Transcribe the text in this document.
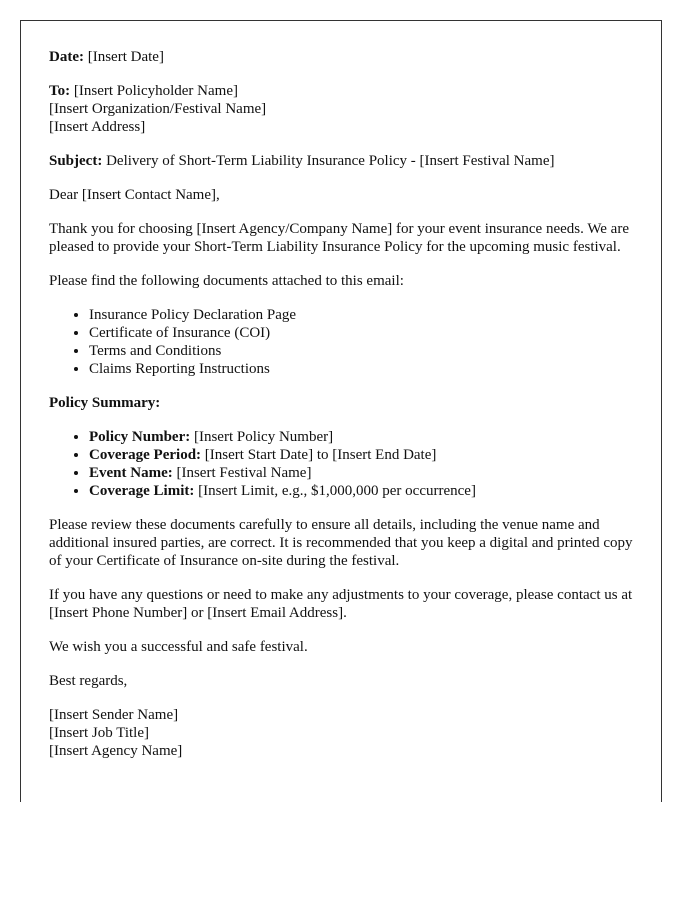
Date: [Insert Date]

To: [Insert Policyholder Name]
[Insert Organization/Festival Name]
[Insert Address]

Subject: Delivery of Short-Term Liability Insurance Policy - [Insert Festival Name]

Dear [Insert Contact Name],

Thank you for choosing [Insert Agency/Company Name] for your event insurance needs. We are pleased to provide your Short-Term Liability Insurance Policy for the upcoming music festival.

Please find the following documents attached to this email:

• Insurance Policy Declaration Page
• Certificate of Insurance (COI)
• Terms and Conditions
• Claims Reporting Instructions

Policy Summary:

• Policy Number: [Insert Policy Number]
• Coverage Period: [Insert Start Date] to [Insert End Date]
• Event Name: [Insert Festival Name]
• Coverage Limit: [Insert Limit, e.g., $1,000,000 per occurrence]

Please review these documents carefully to ensure all details, including the venue name and additional insured parties, are correct. It is recommended that you keep a digital and printed copy of your Certificate of Insurance on-site during the festival.

If you have any questions or need to make any adjustments to your coverage, please contact us at [Insert Phone Number] or [Insert Email Address].

We wish you a successful and safe festival.

Best regards,

[Insert Sender Name]
[Insert Job Title]
[Insert Agency Name]
